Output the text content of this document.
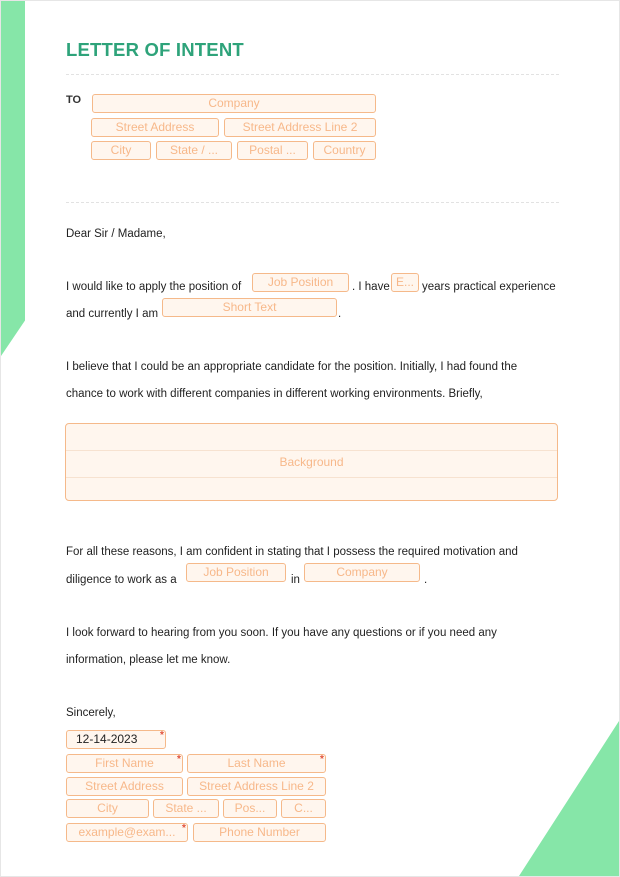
LETTER OF INTENT
TO	Company
Street Address	Street Address Line 2
City	State / ...	Postal ...	Country
Dear Sir / Madame,
I would like to apply the position of	Job Position	. I have E... years practical experience
and currently I am	Short Text	.
I believe that I could be an appropriate candidate for the position. Initially, I had found the
chance to work with different companies in different working environments. Briefly,
Background
For all these reasons, I am confident in stating that I possess the required motivation and
diligence to work as a
Job Position
in
Company
.
I look forward to hearing from you soon. If you have any questions or if you need any
information, please let me know.
Sincerely,
12-14-2023	*
First Name	*	Last Name	*
Street Address	Street Address Line 2
City	State ...	Pos...	C...
example@exam... *	Phone Number
